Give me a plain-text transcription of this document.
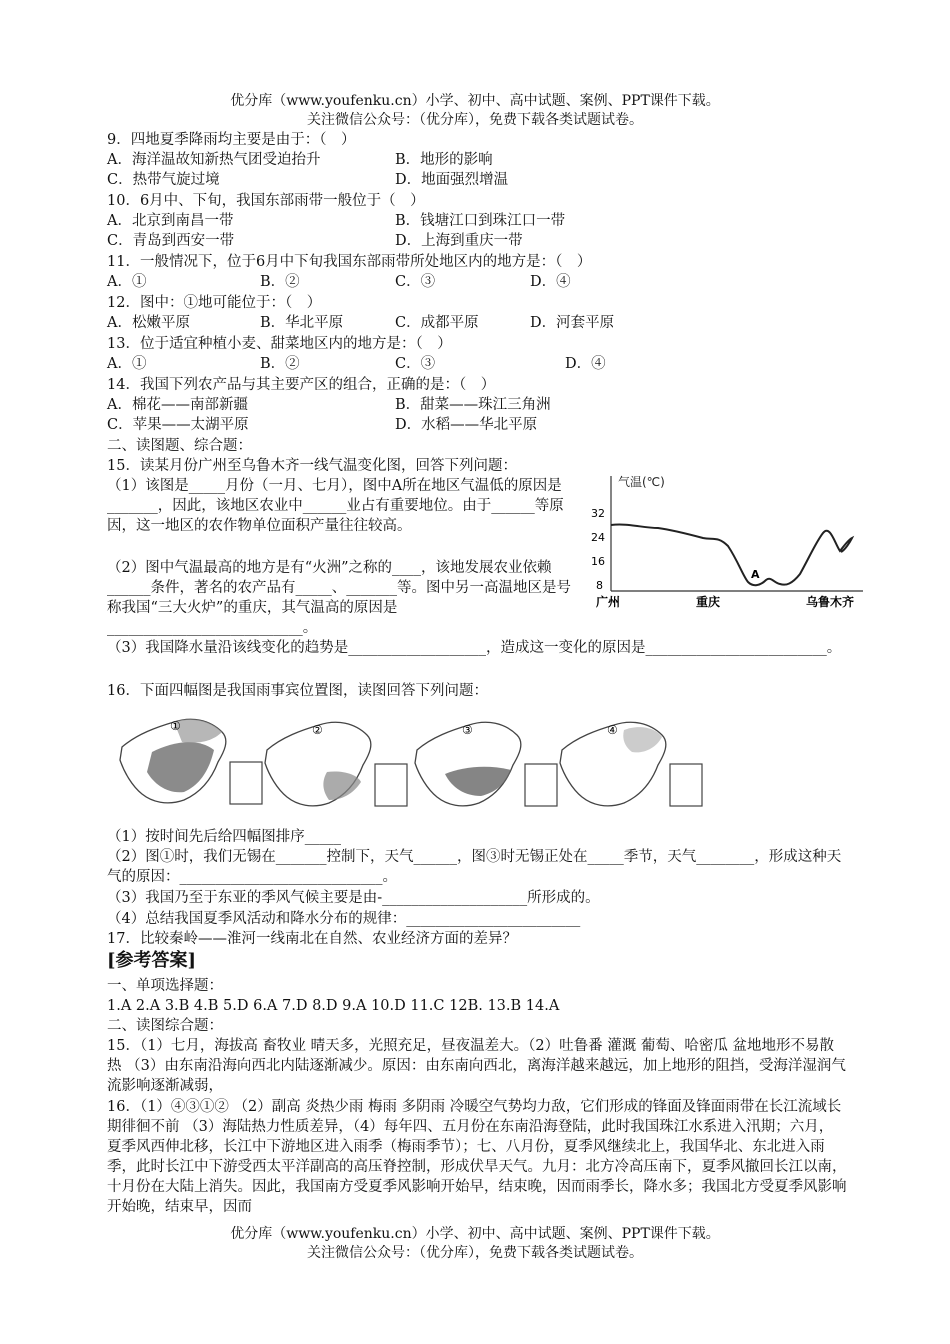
优分库（www.youfenku.cn）小学、初中、高中试题、案例、PPT课件下载。
关注微信公众号：（优分库），免费下载各类试题试卷。
9．四地夏季降雨均主要是由于：（　）
A．海洋温故知新热气团受迫抬升	B．地形的影响
C．热带气旋过境	D．地面强烈增温
10．6月中、下旬，我国东部雨带一般位于（　）
A．北京到南昌一带	B．钱塘江口到珠江口一带
C．青岛到西安一带	D．上海到重庆一带
11．一般情况下，位于6月中下旬我国东部雨带所处地区内的地方是：（　）
A．①	B．②	C．③	D．④
12．图中：①地可能位于：（　）
A．松嫩平原	B．华北平原	C．成都平原	D．河套平原
13．位于适宜种植小麦、甜菜地区内的地方是：（　）
A．①	B．②	C．③	D．④
14．我国下列农产品与其主要产区的组合，正确的是：（　）
A．棉花——南部新疆	B．甜菜——珠江三角洲
C．苹果——太湖平原	D．水稻——华北平原
二、读图题、综合题：
15．读某月份广州至乌鲁木齐一线气温变化图，回答下列问题：
（1）该图是_____月份（一月、七月），图中A所在地区气温低的原因是_______，因此，该地区农业中______业占有重要地位。由于______等原因，这一地区的农作物单位面积产量往往较高。
（2）图中气温最高的地方是有“火洲”之称的____，该地发展农业依赖______条件，著名的农产品有_____、_______等。图中另一高温地区是号称我国“三大火炉”的重庆，其气温高的原因是___________________________。
（3）我国降水量沿该线变化的趋势是___________________，造成这一变化的原因是_________________________。
气温(℃)
32
24
16
8
A
广州	重庆	乌鲁木齐
16．下面四幅图是我国雨事宾位置图，读图回答下列问题：
①	②	③	④
（1）按时间先后给四幅图排序_____
（2）图①时，我们无锡在_______控制下，天气______，图③时无锡正处在_____季节，天气________，形成这种天气的原因：____________________________。
（3）我国乃至于东亚的季风气候主要是由-____________________所形成的。
（4）总结我国夏季风活动和降水分布的规律：________________________
17．比较秦岭——淮河一线南北在自然、农业经济方面的差异？
[参考答案]
一、单项选择题：
1.A 2.A 3.B 4.B 5.D 6.A 7.D 8.D 9.A 10.D 11.C 12B. 13.B 14.A
二、读图综合题：
15．（1）七月，海拔高 畜牧业 晴天多，光照充足，昼夜温差大。（2）吐鲁番 灌溉 葡萄、哈密瓜 盆地地形不易散热 （3）由东南沿海向西北内陆逐渐减少。原因：由东南向西北，离海洋越来越远，加上地形的阻挡，受海洋湿润气流影响逐渐减弱，
16．（1）④③①② （2）副高 炎热少雨 梅雨 多阴雨 冷暖空气势均力敌，它们形成的锋面及锋面雨带在长江流域长期徘徊不前 （3）海陆热力性质差异，（4）每年四、五月份在东南沿海登陆，此时我国珠江水系进入汛期；六月，夏季风西伸北移，长江中下游地区进入雨季（梅雨季节）；七、八月份，夏季风继续北上，我国华北、东北进入雨季，此时长江中下游受西太平洋副高的高压脊控制，形成伏旱天气。九月：北方冷高压南下，夏季风撤回长江以南，十月份在大陆上消失。因此，我国南方受夏季风影响开始早，结束晚，因而雨季长，降水多；我国北方受夏季风影响开始晚，结束早，因而
优分库（www.youfenku.cn）小学、初中、高中试题、案例、PPT课件下载。
关注微信公众号：（优分库），免费下载各类试题试卷。
